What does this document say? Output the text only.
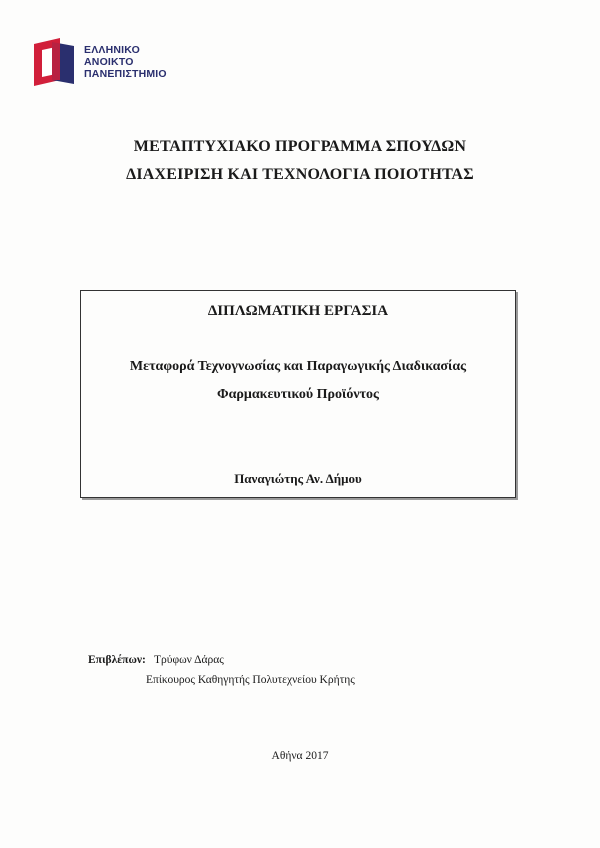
ΕΛΛΗΝΙΚΟ
ΑΝΟΙΚΤΟ
ΠΑΝΕΠΙΣΤΗΜΙΟ
ΜΕΤΑΠΤΥΧΙΑΚΟ ΠΡΟΓΡΑΜΜΑ ΣΠΟΥΔΩΝ
ΔΙΑΧΕΙΡΙΣΗ ΚΑΙ ΤΕΧΝΟΛΟΓΙΑ ΠΟΙΟΤΗΤΑΣ
ΔΙΠΛΩΜΑΤΙΚΗ ΕΡΓΑΣΙΑ
Μεταφορά Τεχνογνωσίας και Παραγωγικής Διαδικασίας
Φαρμακευτικού Προϊόντος
Παναγιώτης Αν. Δήμου
Επιβλέπων: Τρύφων Δάρας
Επίκουρος Καθηγητής Πολυτεχνείου Κρήτης
Αθήνα 2017
